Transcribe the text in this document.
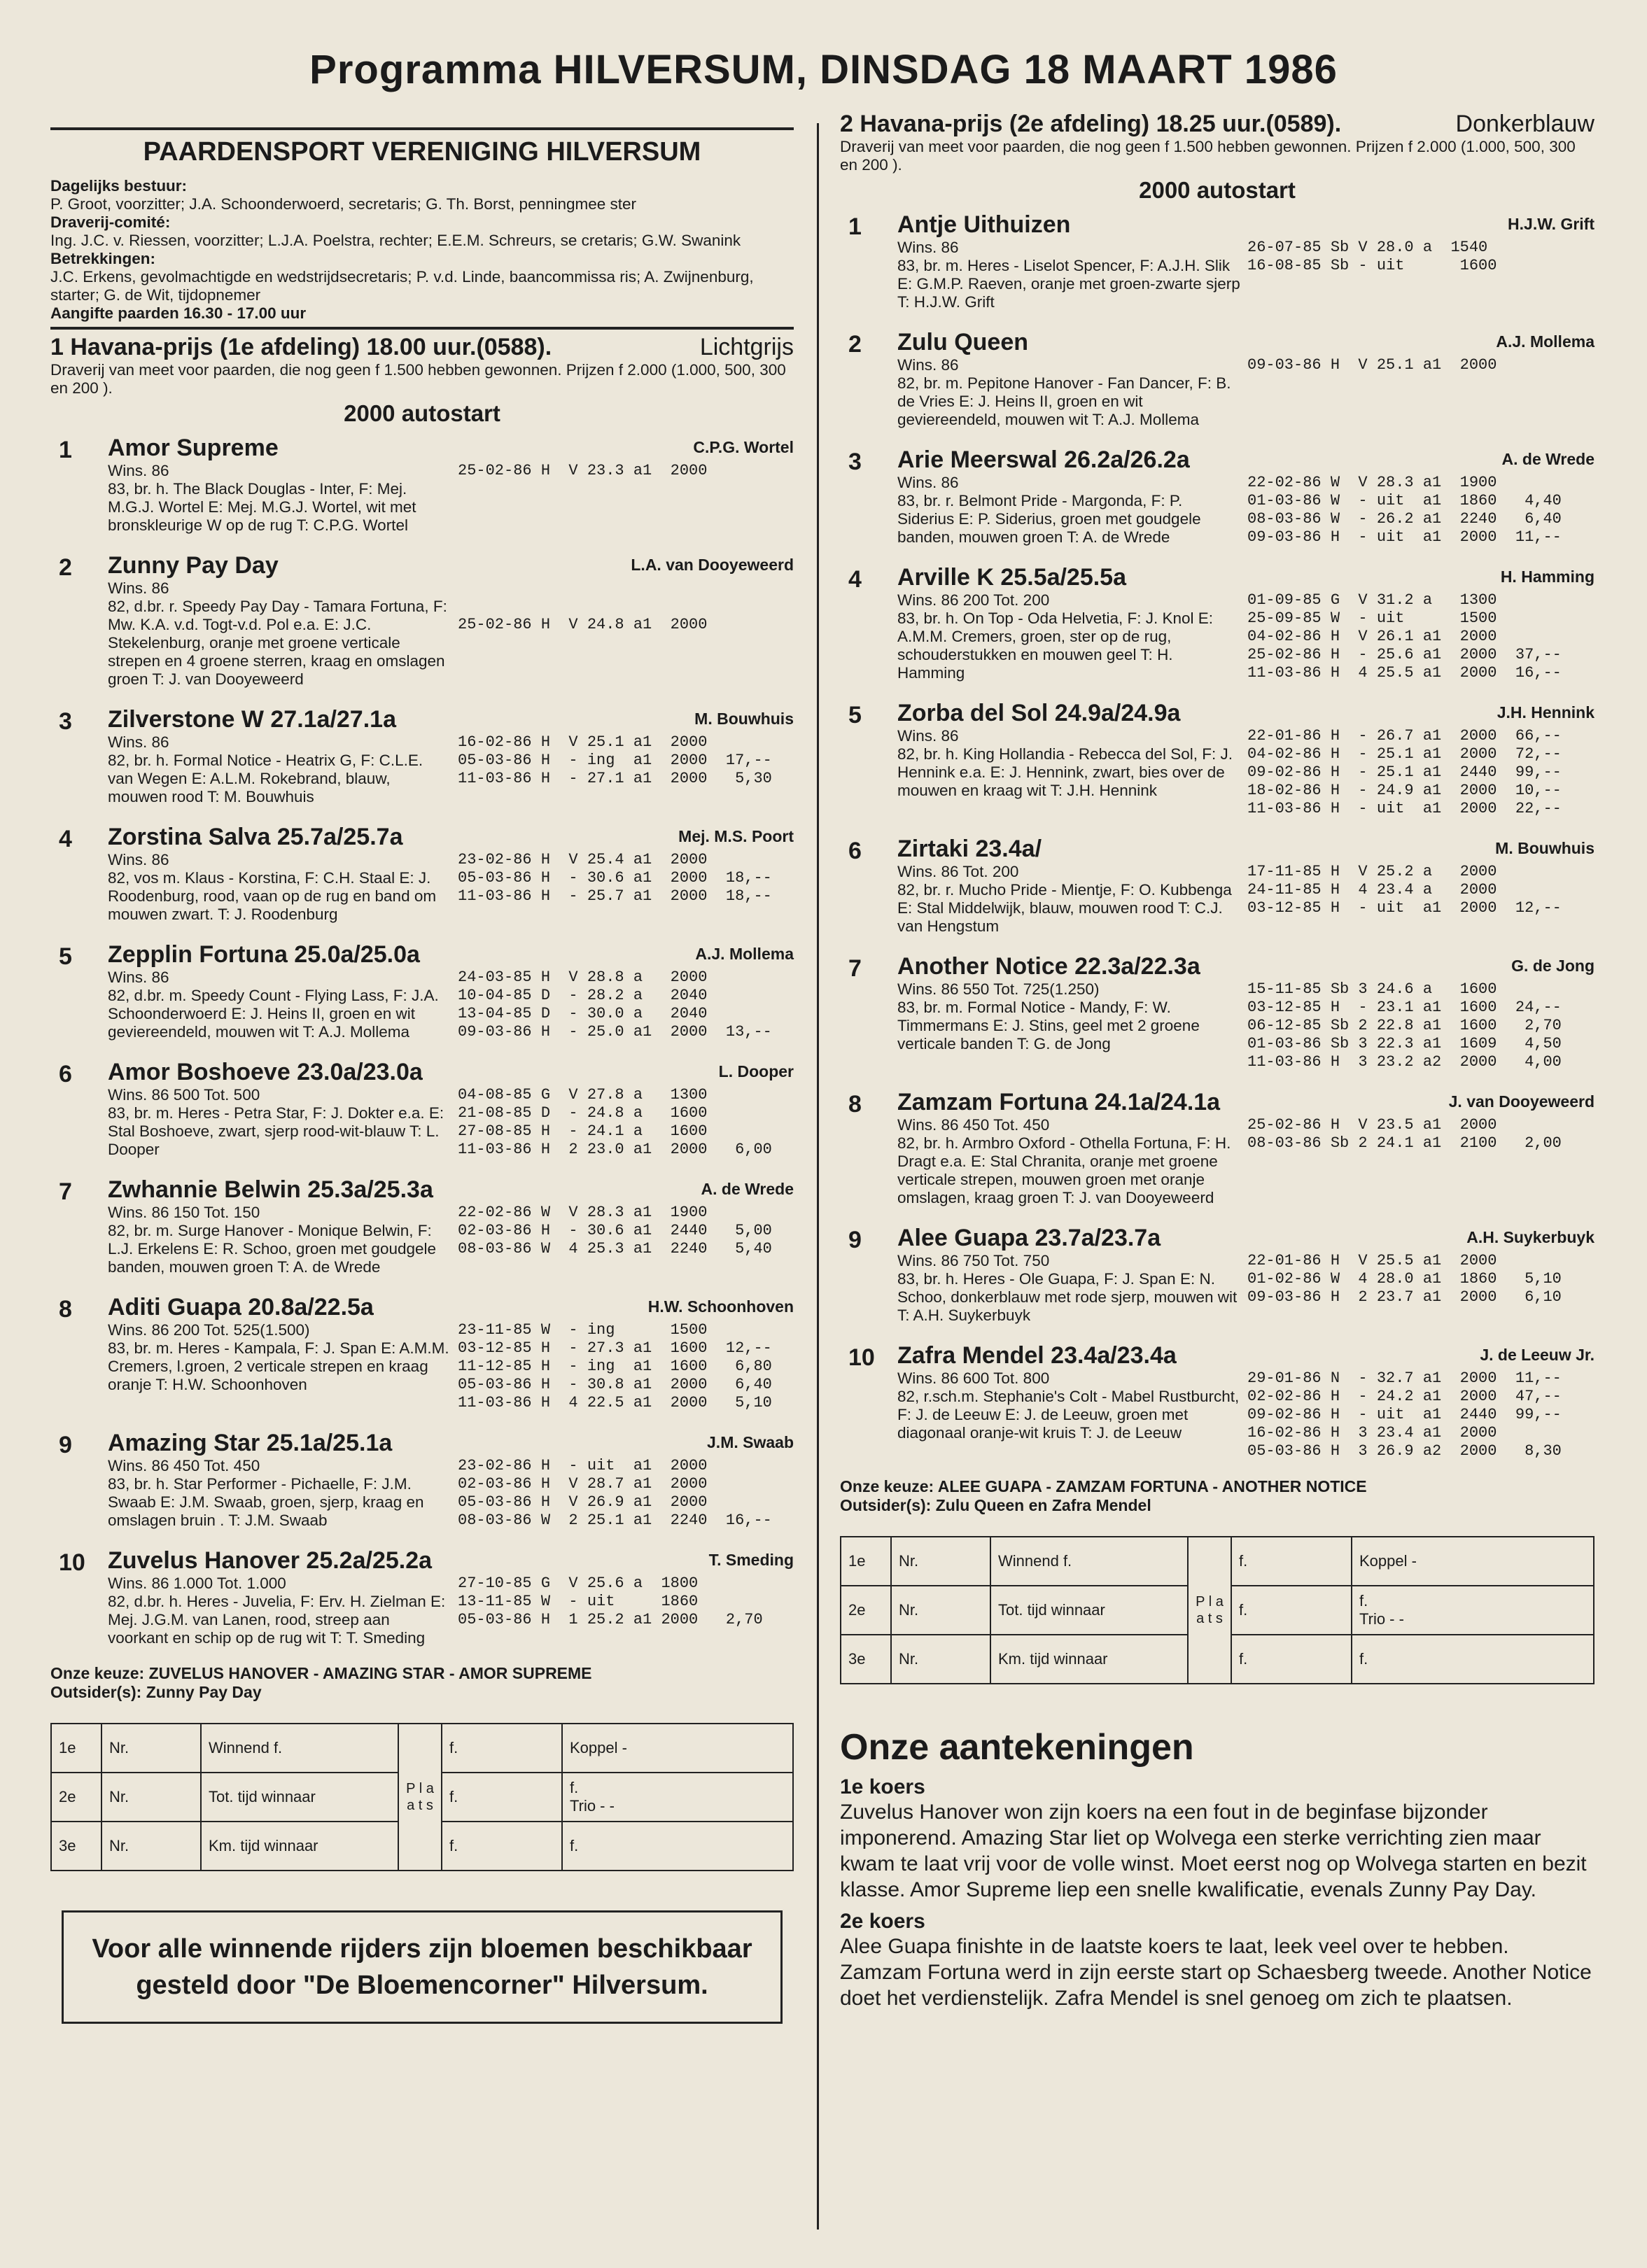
Programma HILVERSUM, DINSDAG 18 MAART 1986
PAARDENSPORT VERENIGING HILVERSUM
Dagelijks bestuur:
P. Groot, voorzitter; J.A. Schoonderwoerd, secretaris; G. Th. Borst, penningmee ster
Draverij-comité:
Ing. J.C. v. Riessen, voorzitter; L.J.A. Poelstra, rechter; E.E.M. Schreurs, se cretaris; G.W. Swanink
Betrekkingen:
J.C. Erkens, gevolmachtigde en wedstrijdsecretaris; P. v.d. Linde, baancommissa ris; A. Zwijnenburg, starter; G. de Wit, tijdopnemer
Aangifte paarden 16.30 - 17.00 uur
1 Havana-prijs (1e afdeling) 18.00 uur.(0588).	Lichtgrijs
Draverij van meet voor paarden, die nog geen f 1.500 hebben gewonnen. Prijzen f 2.000 (1.000, 500, 300 en 200 ).
2000 autostart
1	Amor Supreme	C.P.G. Wortel
Wins. 86
83, br. h. The Black Douglas - Inter, F: Mej. M.G.J. Wortel E: Mej. M.G.J. Wortel, wit met bronskleurige W op de rug T: C.P.G. Wortel
25-02-86 H  V 23.3 a1  2000
2	Zunny Pay Day	L.A. van Dooyeweerd
Wins. 86
82, d.br. r. Speedy Pay Day - Tamara Fortuna, F: Mw. K.A. v.d. Togt-v.d. Pol e.a. E: J.C. Stekelenburg, oranje met groene verticale strepen en 4 groene sterren, kraag en omslagen groen T: J. van Dooyeweerd

25-02-86 H  V 24.8 a1  2000
3	Zilverstone W 27.1a/27.1a	M. Bouwhuis
Wins. 86
82, br. h. Formal Notice - Heatrix G, F: C.L.E. van Wegen E: A.L.M. Rokebrand, blauw, mouwen rood T: M. Bouwhuis
16-02-86 H  V 25.1 a1  2000
05-03-86 H  - ing  a1  2000  17,--
11-03-86 H  - 27.1 a1  2000   5,30
4	Zorstina Salva 25.7a/25.7a	Mej. M.S. Poort
Wins. 86
82, vos m. Klaus - Korstina, F: C.H. Staal E: J. Roodenburg, rood, vaan op de rug en band om mouwen zwart. T: J. Roodenburg
23-02-86 H  V 25.4 a1  2000
05-03-86 H  - 30.6 a1  2000  18,--
11-03-86 H  - 25.7 a1  2000  18,--
5	Zepplin Fortuna 25.0a/25.0a	A.J. Mollema
Wins. 86
82, d.br. m. Speedy Count - Flying Lass, F: J.A. Schoonderwoerd E: J. Heins II, groen en wit geviereendeld, mouwen wit T: A.J. Mollema
24-03-85 H  V 28.8 a   2000
10-04-85 D  - 28.2 a   2040
13-04-85 D  - 30.0 a   2040
09-03-86 H  - 25.0 a1  2000  13,--
6	Amor Boshoeve 23.0a/23.0a	L. Dooper
Wins. 86 500 Tot. 500
83, br. m. Heres - Petra Star, F: J. Dokter e.a. E: Stal Boshoeve, zwart, sjerp rood-wit-blauw T: L. Dooper
04-08-85 G  V 27.8 a   1300
21-08-85 D  - 24.8 a   1600
27-08-85 H  - 24.1 a   1600
11-03-86 H  2 23.0 a1  2000   6,00
7	Zwhannie Belwin 25.3a/25.3a	A. de Wrede
Wins. 86 150 Tot. 150
82, br. m. Surge Hanover - Monique Belwin, F: L.J. Erkelens E: R. Schoo, groen met goudgele banden, mouwen groen T: A. de Wrede
22-02-86 W  V 28.3 a1  1900
02-03-86 H  - 30.6 a1  2440   5,00
08-03-86 W  4 25.3 a1  2240   5,40
8	Aditi Guapa 20.8a/22.5a	H.W. Schoonhoven
Wins. 86 200 Tot. 525(1.500)
83, br. m. Heres - Kampala, F: J. Span E: A.M.M. Cremers, l.groen, 2 verticale strepen en kraag oranje T: H.W. Schoonhoven
23-11-85 W  - ing      1500
03-12-85 H  - 27.3 a1  1600  12,--
11-12-85 H  - ing  a1  1600   6,80
05-03-86 H  - 30.8 a1  2000   6,40
11-03-86 H  4 22.5 a1  2000   5,10
9	Amazing Star 25.1a/25.1a	J.M. Swaab
Wins. 86 450 Tot. 450
83, br. h. Star Performer - Pichaelle, F: J.M. Swaab E: J.M. Swaab, groen, sjerp, kraag en omslagen bruin . T: J.M. Swaab
23-02-86 H  - uit  a1  2000
02-03-86 H  V 28.7 a1  2000
05-03-86 H  V 26.9 a1  2000
08-03-86 W  2 25.1 a1  2240  16,--
10 Zuvelus Hanover 25.2a/25.2a	T. Smeding
Wins. 86 1.000 Tot. 1.000
82, d.br. h. Heres - Juvelia, F: Erv. H. Zielman E: Mej. J.G.M. van Lanen, rood, streep aan voorkant en schip op de rug wit T: T. Smeding
27-10-85 G  V 25.6 a  1800
13-11-85 W  - uit     1860
05-03-86 H  1 25.2 a1 2000   2,70
Onze keuze: ZUVELUS HANOVER - AMAZING STAR - AMOR SUPREME
Outsider(s): Zunny Pay Day
1e	Nr.	Winnend f.	P l a a t s	f.	Koppel -
2e	Nr.	Tot. tijd winnaar		f.	f.
Trio - -

3e	Nr.	Km. tijd winnaar		f.	f.
Voor alle winnende rijders zijn bloemen beschikbaar gesteld door "De Bloemencorner" Hilversum.
2 Havana-prijs (2e afdeling) 18.25 uur.(0589).	Donkerblauw
Draverij van meet voor paarden, die nog geen f 1.500 hebben gewonnen. Prijzen f 2.000 (1.000, 500, 300 en 200 ).
2000 autostart
1	Antje Uithuizen	H.J.W. Grift
Wins. 86
83, br. m. Heres - Liselot Spencer, F: A.J.H. Slik E: G.M.P. Raeven, oranje met groen-zwarte sjerp T: H.J.W. Grift
26-07-85 Sb V 28.0 a  1540
16-08-85 Sb - uit      1600
2	Zulu Queen	A.J. Mollema
Wins. 86
82, br. m. Pepitone Hanover - Fan Dancer, F: B. de Vries E: J. Heins II, groen en wit geviereendeld, mouwen wit T: A.J. Mollema
09-03-86 H  V 25.1 a1  2000
3	Arie Meerswal 26.2a/26.2a	A. de Wrede
Wins. 86
83, br. r. Belmont Pride - Margonda, F: P. Siderius E: P. Siderius, groen met goudgele banden, mouwen groen T: A. de Wrede
22-02-86 W  V 28.3 a1  1900
01-03-86 W  - uit  a1  1860   4,40
08-03-86 W  - 26.2 a1  2240   6,40
09-03-86 H  - uit  a1  2000  11,--
4	Arville K 25.5a/25.5a	H. Hamming
Wins. 86 200 Tot. 200
83, br. h. On Top - Oda Helvetia, F: J. Knol E: A.M.M. Cremers, groen, ster op de rug, schouderstukken en mouwen geel T: H. Hamming
01-09-85 G  V 31.2 a   1300
25-09-85 W  - uit      1500
04-02-86 H  V 26.1 a1  2000
25-02-86 H  - 25.6 a1  2000  37,--
11-03-86 H  4 25.5 a1  2000  16,--
5	Zorba del Sol 24.9a/24.9a	J.H. Hennink
Wins. 86
82, br. h. King Hollandia - Rebecca del Sol, F: J. Hennink e.a. E: J. Hennink, zwart, bies over de mouwen en kraag wit T: J.H. Hennink
22-01-86 H  - 26.7 a1  2000  66,--
04-02-86 H  - 25.1 a1  2000  72,--
09-02-86 H  - 25.1 a1  2440  99,--
18-02-86 H  - 24.9 a1  2000  10,--
11-03-86 H  - uit  a1  2000  22,--
6	Zirtaki 23.4a/	M. Bouwhuis
Wins. 86 Tot. 200
82, br. r. Mucho Pride - Mientje, F: O. Kubbenga E: Stal Middelwijk, blauw, mouwen rood T: C.J. van Hengstum
17-11-85 H  V 25.2 a   2000
24-11-85 H  4 23.4 a   2000
03-12-85 H  - uit  a1  2000  12,--
7	Another Notice 22.3a/22.3a	G. de Jong
Wins. 86 550 Tot. 725(1.250)
83, br. m. Formal Notice - Mandy, F: W. Timmermans E: J. Stins, geel met 2 groene verticale banden T: G. de Jong
15-11-85 Sb 3 24.6 a   1600
03-12-85 H  - 23.1 a1  1600  24,--
06-12-85 Sb 2 22.8 a1  1600   2,70
01-03-86 Sb 3 22.3 a1  1609   4,50
11-03-86 H  3 23.2 a2  2000   4,00
8	Zamzam Fortuna 24.1a/24.1a	J. van Dooyeweerd
Wins. 86 450 Tot. 450
82, br. h. Armbro Oxford - Othella Fortuna, F: H. Dragt e.a. E: Stal Chranita, oranje met groene verticale strepen, mouwen groen met oranje omslagen, kraag groen T: J. van Dooyeweerd
25-02-86 H  V 23.5 a1  2000
08-03-86 Sb 2 24.1 a1  2100   2,00
9	Alee Guapa 23.7a/23.7a	A.H. Suykerbuyk
Wins. 86 750 Tot. 750
83, br. h. Heres - Ole Guapa, F: J. Span E: N. Schoo, donkerblauw met rode sjerp, mouwen wit T: A.H. Suykerbuyk
22-01-86 H  V 25.5 a1  2000
01-02-86 W  4 28.0 a1  1860   5,10
09-03-86 H  2 23.7 a1  2000   6,10
10 Zafra Mendel 23.4a/23.4a	J. de Leeuw Jr.
Wins. 86 600 Tot. 800
82, r.sch.m. Stephanie's Colt - Mabel Rustburcht, F: J. de Leeuw E: J. de Leeuw, groen met diagonaal oranje-wit kruis T: J. de Leeuw
29-01-86 N  - 32.7 a1  2000  11,--
02-02-86 H  - 24.2 a1  2000  47,--
09-02-86 H  - uit  a1  2440  99,--
16-02-86 H  3 23.4 a1  2000
05-03-86 H  3 26.9 a2  2000   8,30
Onze keuze: ALEE GUAPA - ZAMZAM FORTUNA - ANOTHER NOTICE
Outsider(s): Zulu Queen en Zafra Mendel
1e	Nr.	Winnend f.	P l a a t s	f.	Koppel -
2e	Nr.	Tot. tijd winnaar		f.	f.
Trio - -

3e	Nr.	Km. tijd winnaar		f.	f.
Onze aantekeningen
1e koers
Zuvelus Hanover won zijn koers na een fout in de beginfase bijzonder imponerend. Amazing Star liet op Wolvega een sterke verrichting zien maar kwam te laat vrij voor de volle winst. Moet eerst nog op Wolvega starten en bezit klasse. Amor Supreme liep een snelle kwalificatie, evenals Zunny Pay Day.
2e koers
Alee Guapa finishte in de laatste koers te laat, leek veel over te hebben. Zamzam Fortuna werd in zijn eerste start op Schaesberg tweede. Another Notice doet het verdienstelijk. Zafra Mendel is snel genoeg om zich te plaatsen.
